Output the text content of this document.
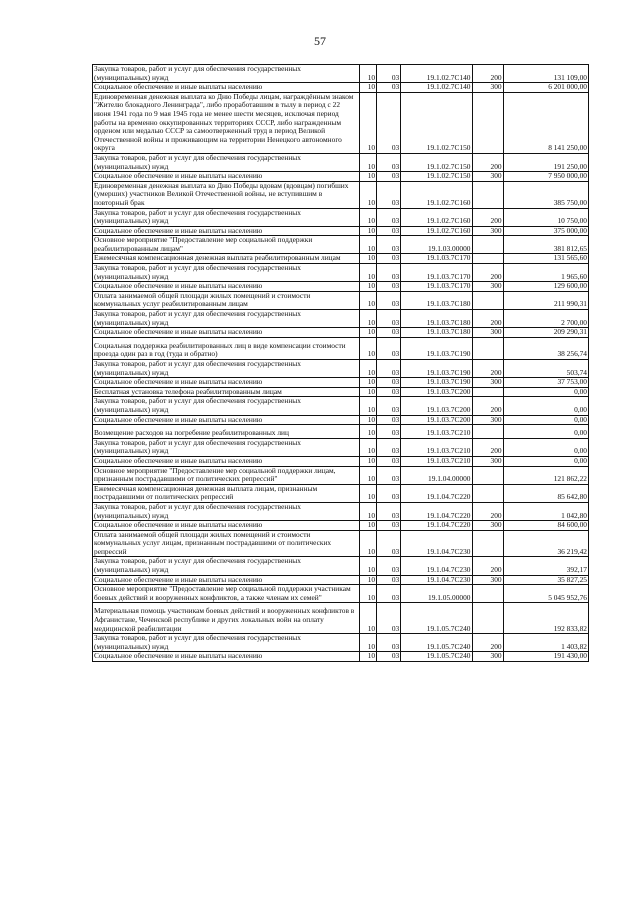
57
Закупка товаров, работ и услуг для обеспечения государственных (муниципальных) нужд	10	03	19.1.02.7С140	200	131 109,00
Социальное обеспечение и иные выплаты населению	10	03	19.1.02.7С140	300	6 201 000,00
Единовременная денежная выплата ко Дню Победы лицам, награждённым знаком "Жителю блокадного Ленинграда", либо проработавшим в тылу в период с 22 июня 1941 года по 9 мая 1945 года не менее шести месяцев, исключая период работы на временно оккупированных территориях СССР, либо награжденным орденом или медалью СССР за самоотверженный труд в период Великой Отечественной войны и проживающим на территории Ненецкого автономного округа	10	03	19.1.02.7С150		8 141 250,00
Закупка товаров, работ и услуг для обеспечения государственных (муниципальных) нужд	10	03	19.1.02.7С150	200	191 250,00
Социальное обеспечение и иные выплаты населению	10	03	19.1.02.7С150	300	7 950 000,00
Единовременная денежная выплата ко Дню Победы вдовам (вдовцам) погибших (умерших) участников Великой Отечественной войны, не вступившим в повторный брак	10	03	19.1.02.7С160		385 750,00
Закупка товаров, работ и услуг для обеспечения государственных (муниципальных) нужд	10	03	19.1.02.7С160	200	10 750,00
Социальное обеспечение и иные выплаты населению	10	03	19.1.02.7С160	300	375 000,00
Основное мероприятие "Предоставление мер социальной поддержки реабилитированным лицам"	10	03	19.1.03.00000		381 812,65
Ежемесячная компенсационная денежная выплата реабилитированным лицам	10	03	19.1.03.7С170		131 565,60
Закупка товаров, работ и услуг для обеспечения государственных (муниципальных) нужд	10	03	19.1.03.7С170	200	1 965,60
Социальное обеспечение и иные выплаты населению	10	03	19.1.03.7С170	300	129 600,00
Оплата занимаемой общей площади жилых помещений и стоимости коммунальных услуг реабилитированным лицам	10	03	19.1.03.7С180		211 990,31
Закупка товаров, работ и услуг для обеспечения государственных (муниципальных) нужд	10	03	19.1.03.7С180	200	2 700,00
Социальное обеспечение и иные выплаты населению	10	03	19.1.03.7С180	300	209 290,31
Социальная поддержка реабилитированных лиц в виде компенсации стоимости проезда один раз в год (туда и обратно)	10	03	19.1.03.7С190		38 256,74
Закупка товаров, работ и услуг для обеспечения государственных (муниципальных) нужд	10	03	19.1.03.7С190	200	503,74
Социальное обеспечение и иные выплаты населению	10	03	19.1.03.7С190	300	37 753,00
Бесплатная установка телефона реабилитированным лицам	10	03	19.1.03.7С200		0,00
Закупка товаров, работ и услуг для обеспечения государственных (муниципальных) нужд	10	03	19.1.03.7С200	200	0,00
Социальное обеспечение и иные выплаты населению	10	03	19.1.03.7С200	300	0,00
Возмещение расходов на погребение реабилитированных лиц	10	03	19.1.03.7С210		0,00
Закупка товаров, работ и услуг для обеспечения государственных (муниципальных) нужд	10	03	19.1.03.7С210	200	0,00
Социальное обеспечение и иные выплаты населению	10	03	19.1.03.7С210	300	0,00
Основное мероприятие "Предоставление мер социальной поддержки лицам, признанным пострадавшими от политических репрессий"	10	03	19.1.04.00000		121 862,22
Ежемесячная компенсационная денежная выплата лицам, признанным пострадавшими от политических репрессий	10	03	19.1.04.7С220		85 642,80
Закупка товаров, работ и услуг для обеспечения государственных (муниципальных) нужд	10	03	19.1.04.7С220	200	1 042,80
Социальное обеспечение и иные выплаты населению	10	03	19.1.04.7С220	300	84 600,00
Оплата занимаемой общей площади жилых помещений и стоимости коммунальных услуг лицам, признанным пострадавшими от политических репрессий	10	03	19.1.04.7С230		36 219,42
Закупка товаров, работ и услуг для обеспечения государственных (муниципальных) нужд	10	03	19.1.04.7С230	200	392,17
Социальное обеспечение и иные выплаты населению	10	03	19.1.04.7С230	300	35 827,25
Основное мероприятие "Предоставление мер социальной поддержки участникам боевых действий и вооруженных конфликтов, а также членам их семей"	10	03	19.1.05.00000		5 045 952,76
Материальная помощь участникам боевых действий и вооруженных конфликтов в Афганистане, Чеченской республике и других локальных войн на оплату медицинской реабилитации	10	03	19.1.05.7С240		192 833,82
Закупка товаров, работ и услуг для обеспечения государственных (муниципальных) нужд	10	03	19.1.05.7С240	200	1 403,82
Социальное обеспечение и иные выплаты населению	10	03	19.1.05.7С240	300	191 430,00
